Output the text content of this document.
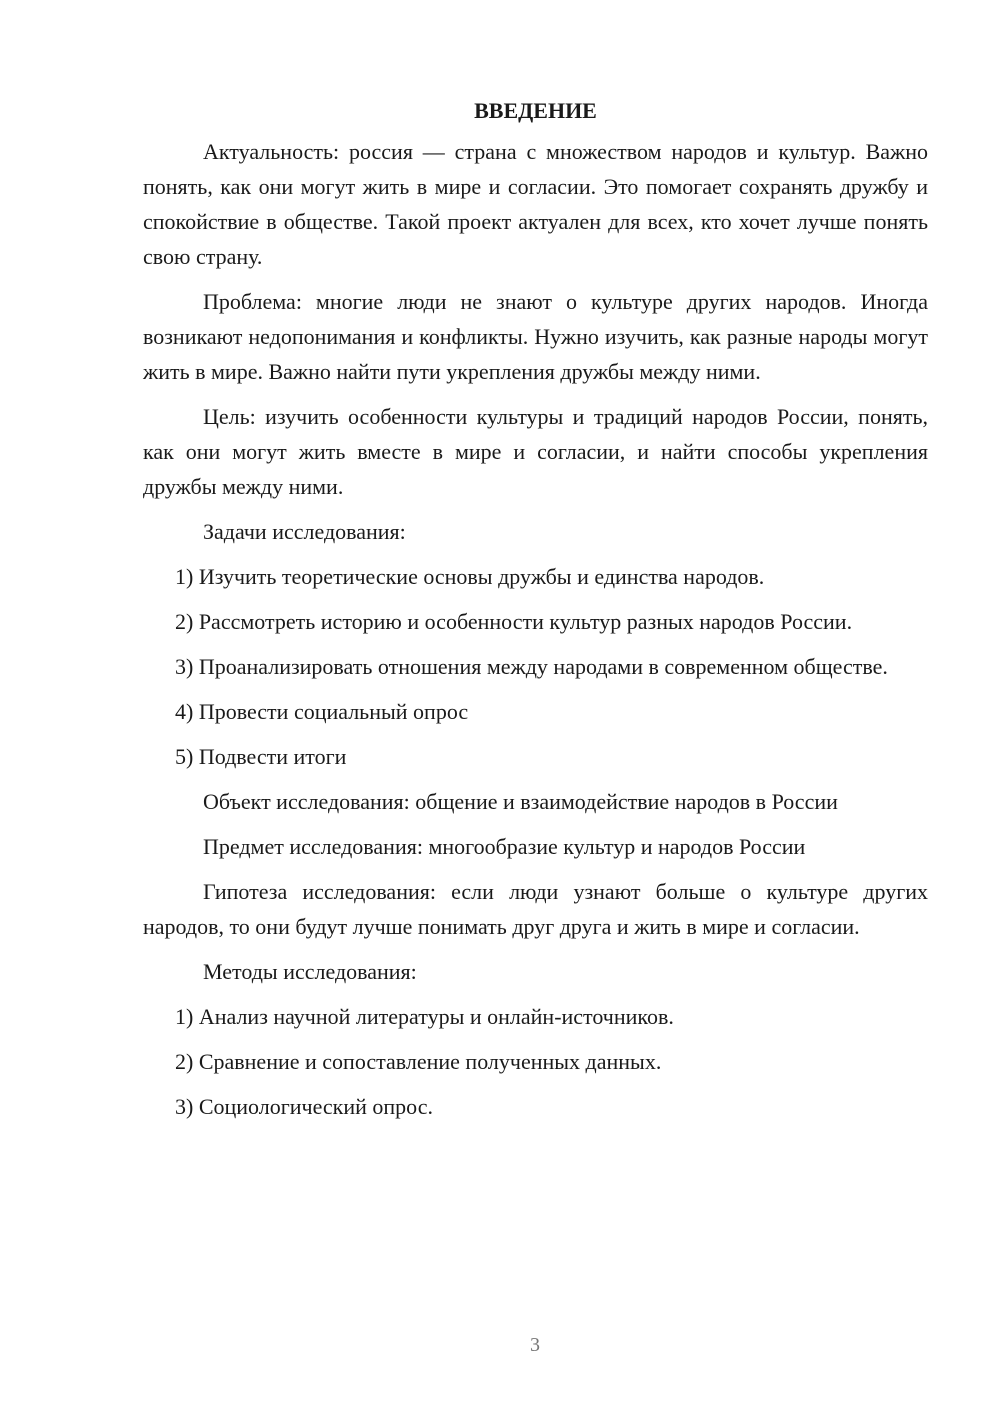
ВВЕДЕНИЕ

Актуальность: россия — страна с множеством народов и культур. Важно понять, как они могут жить в мире и согласии. Это помогает сохранять дружбу и спокойствие в обществе. Такой проект актуален для всех, кто хочет лучше понять свою страну.

Проблема: многие люди не знают о культуре других народов. Иногда возникают недопонимания и конфликты. Нужно изучить, как разные народы могут жить в мире. Важно найти пути укрепления дружбы между ними.

Цель: изучить особенности культуры и традиций народов России, понять, как они могут жить вместе в мире и согласии, и найти способы укрепления дружбы между ними.

Задачи исследования:

1) Изучить теоретические основы дружбы и единства народов.

2) Рассмотреть историю и особенности культур разных народов России.

3) Проанализировать отношения между народами в современном обществе.

4) Провести социальный опрос

5) Подвести итоги

Объект исследования: общение и взаимодействие народов в России

Предмет исследования: многообразие культур и народов России

Гипотеза исследования: если люди узнают больше о культуре других народов, то они будут лучше понимать друг друга и жить в мире и согласии.

Методы исследования:

1) Анализ научной литературы и онлайн-источников.

2) Сравнение и сопоставление полученных данных.

3) Социологический опрос.

3
